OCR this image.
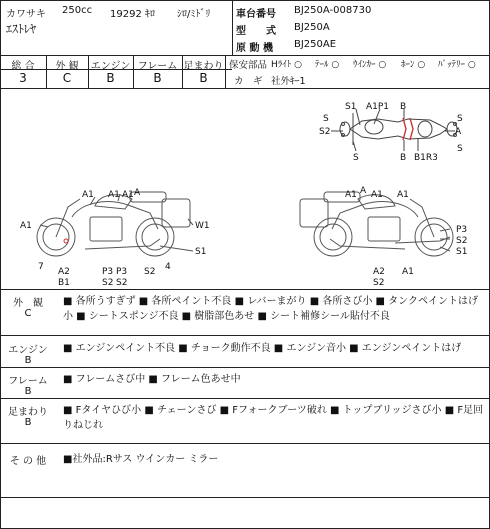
カワサキ 250cc 19292 ｷﾛ ｼﾛ/ﾐﾄﾞﾘ
ｴｽﾄﾚﾔ
車台番号 BJ250A-008730
型　　式 BJ250A
原 動 機 BJ250AE
総 合	外 観	エンジン フレーム 足まわり
3	C	B	B	B
保安部品 Hﾗｲﾄ ○ ﾃｰﾙ ○ ｳｲﾝｶｰ ○ ﾎｰﾝ ○ ﾊﾞｯﾃﾘｰ ○
カ　ギ 社外ｷｰ1
S1 A1P1 B
S2	A
S
S	B B1R3
S
S
A1 A1 A1 A
W1
A1
7 A2
B1
P3 P3
S2 S2
S2 4
S1
A1 A1 A1
A
P3
S2
S1
A2
S2
A1
外　観
C
■ 各所うすぎず ■ 各所ペイント不良 ■ レバーまがり ■ 各所さび小 ■ タンクペイントはげ小 ■ シートスポンジ不良 ■ 樹脂部色あせ ■ シート補修シール貼付不良
エンジン
B
■ エンジンペイント不良 ■ チョーク動作不良 ■ エンジン音小 ■ エンジンペイントはげ
フレーム
B
■ フレームさび中 ■ フレーム色あせ中
足まわり
B
■ Fタイヤひび小 ■ チェーンさび ■ Fフォークブーツ破れ ■ トップブリッジさび小 ■ F足回りねじれ
そ の 他	■社外品:Rサス ウインカー ミラー
